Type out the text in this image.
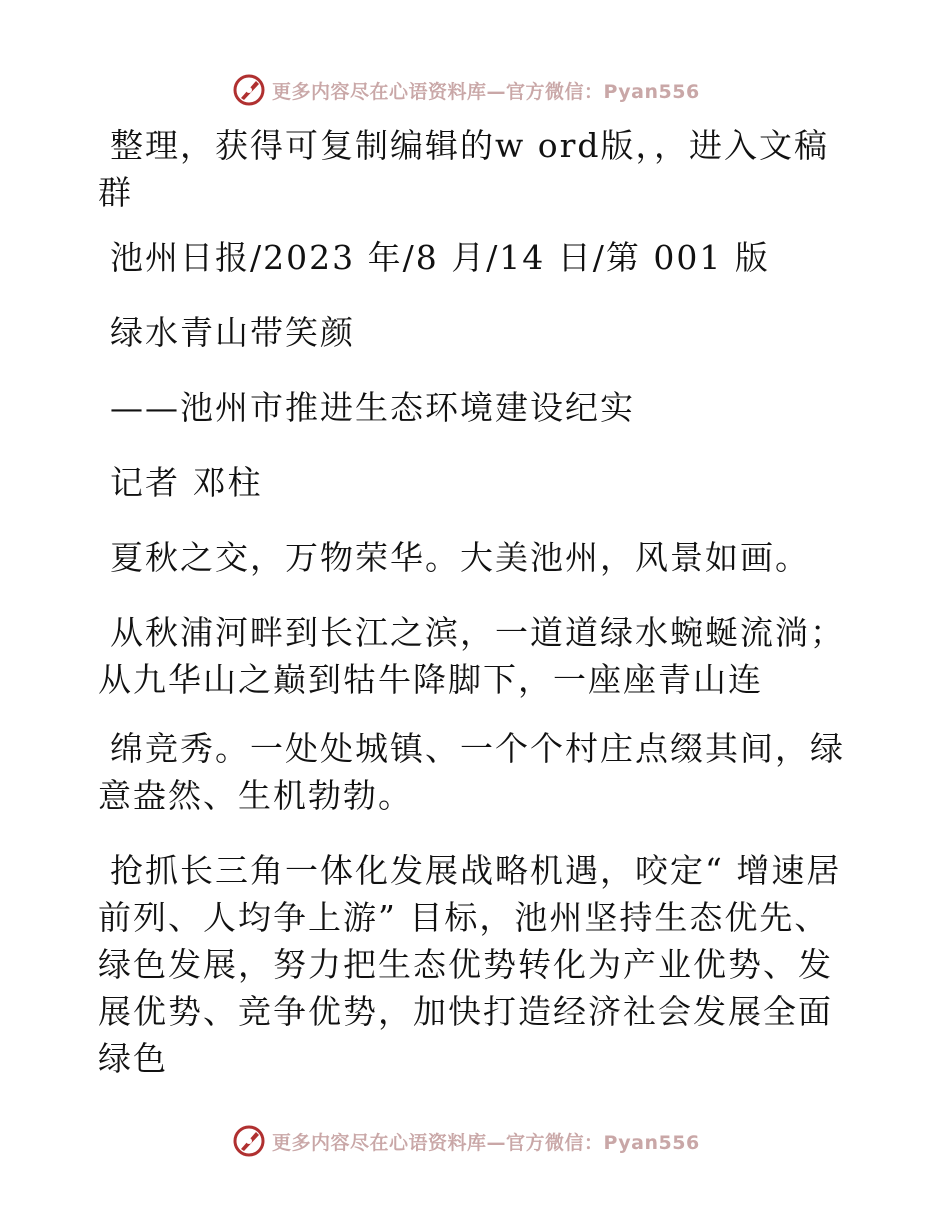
更多内容尽在心语资料库—官方微信：Pyan556

整理，获得可复制编辑的w ord版，，进入文稿群

池州日报/2023 年/8 月/14 日/第 001 版

绿水青山带笑颜

——池州市推进生态环境建设纪实

记者 邓柱

夏秋之交，万物荣华。大美池州，风景如画。

从秋浦河畔到长江之滨，一道道绿水蜿蜒流淌；从九华山之巅到牯牛降脚下，一座座青山连

绵竞秀。一处处城镇、一个个村庄点缀其间，绿意盎然、生机勃勃。

抢抓长三角一体化发展战略机遇，咬定“ 增速居前列、人均争上游” 目标，池州坚持生态优先、绿色发展，努力把生态优势转化为产业优势、发展优势、竞争优势，加快打造经济社会发展全面绿色

更多内容尽在心语资料库—官方微信：Pyan556
